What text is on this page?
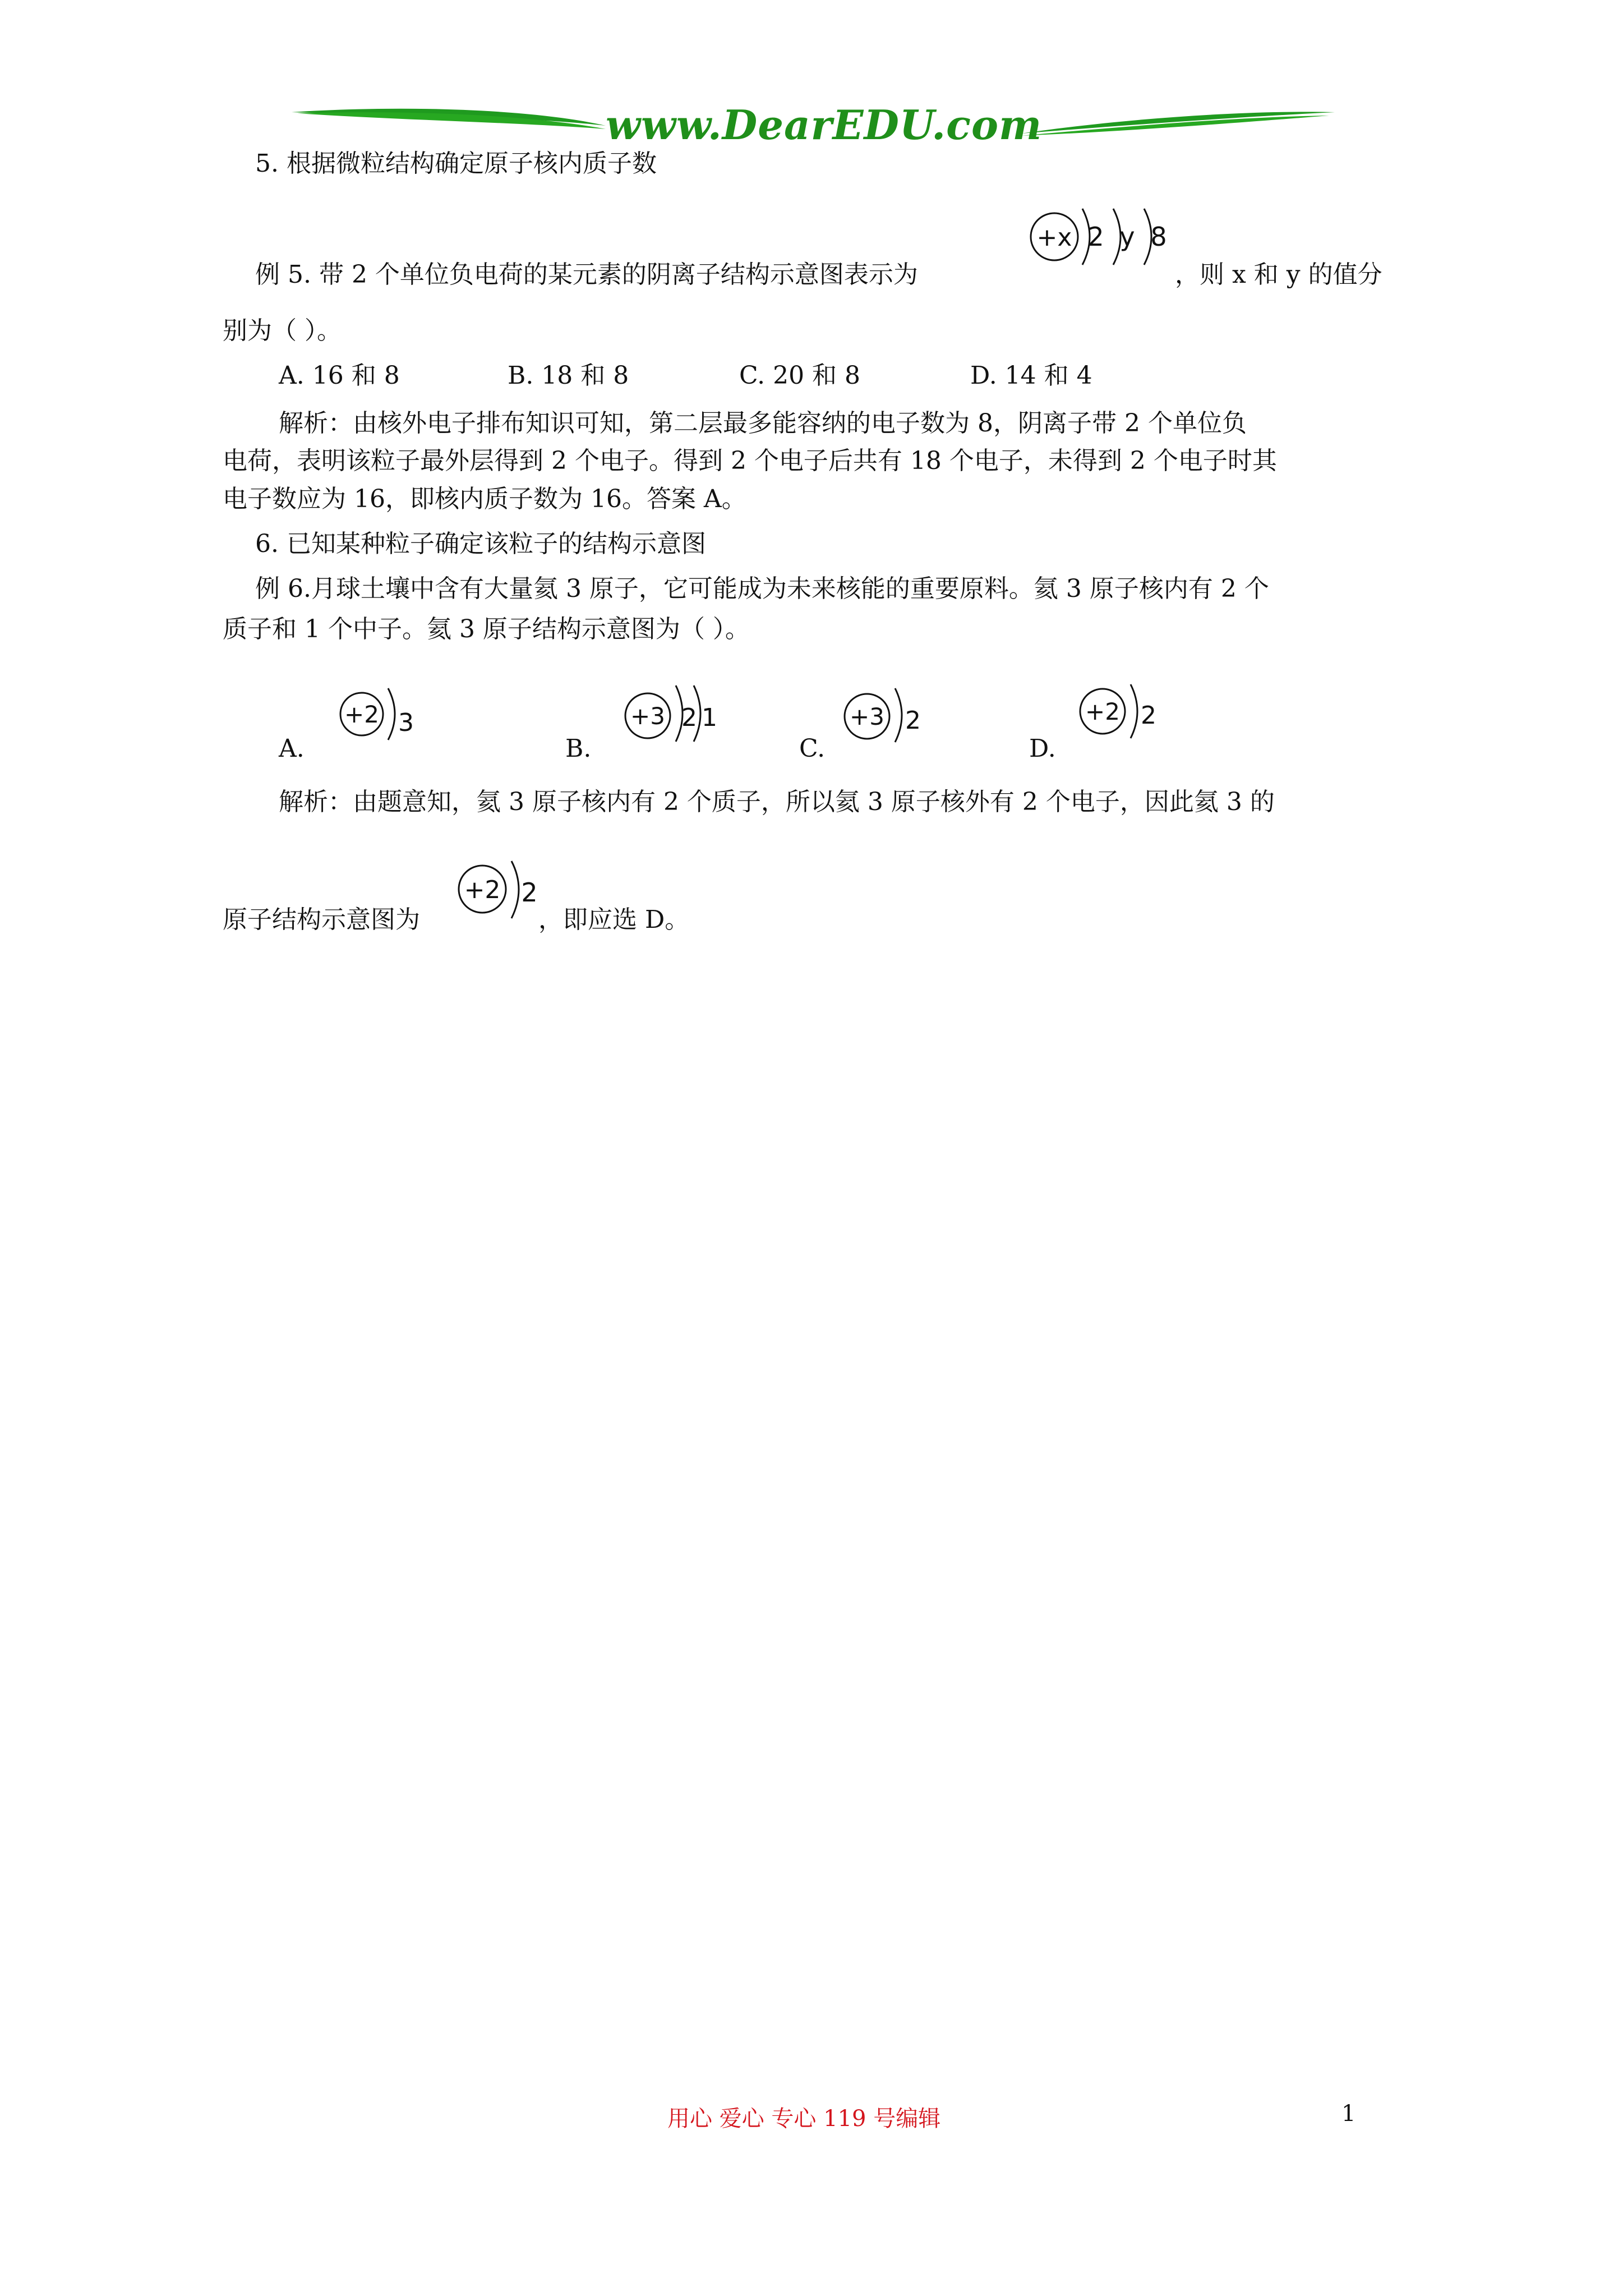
www.DearEDU.com
5. 根据微粒结构确定原子核内质子数
例 5. 带 2 个单位负电荷的某元素的阴离子结构示意图表示为
+x 2 y 8
，则 x 和 y 的值分
别为（ ）。
A. 16 和 8	B. 18 和 8	C. 20 和 8	D. 14 和 4
解析：由核外电子排布知识可知，第二层最多能容纳的电子数为 8，阴离子带 2 个单位负
电荷，表明该粒子最外层得到 2 个电子。得到 2 个电子后共有 18 个电子，未得到 2 个电子时其
电子数应为 16，即核内质子数为 16。答案 A。
6. 已知某种粒子确定该粒子的结构示意图
例 6.月球土壤中含有大量氦 3 原子，它可能成为未来核能的重要原料。氦 3 原子核内有 2 个
质子和 1 个中子。氦 3 原子结构示意图为（ ）。
A.
+2 3
B.
+3 2 1
C.
+3 2
D.
+2 2
解析：由题意知，氦 3 原子核内有 2 个质子，所以氦 3 原子核外有 2 个电子，因此氦 3 的
原子结构示意图为
+2 2
，即应选 D。
用心 爱心 专心 119 号编辑	1
